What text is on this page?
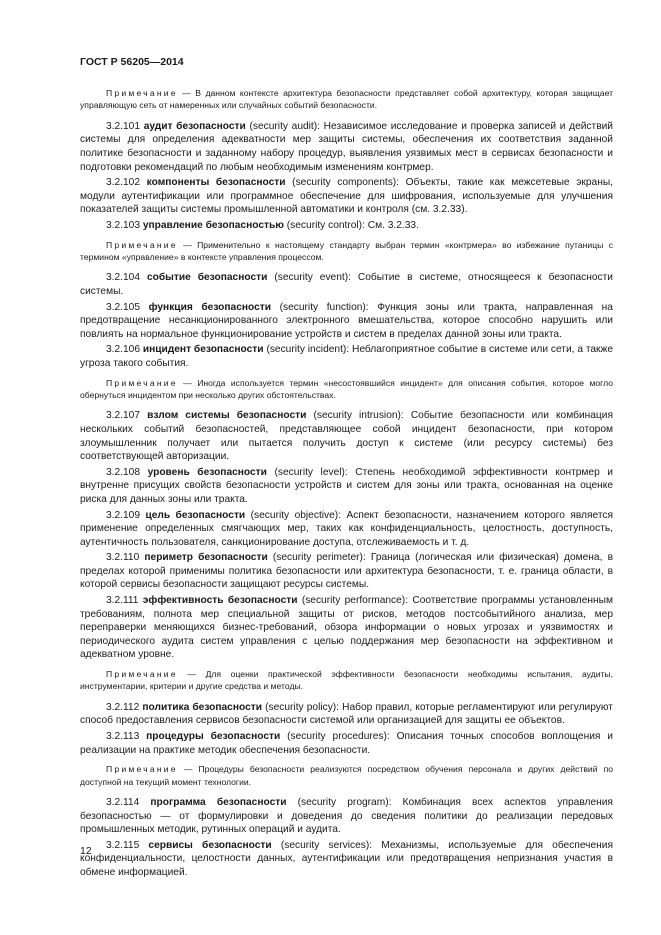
ГОСТ Р 56205—2014

Примечание — В данном контексте архитектура безопасности представляет собой архитектуру, которая защищает управляющую сеть от намеренных или случайных событий безопасности.

3.2.101 аудит безопасности (security audit): Независимое исследование и проверка записей и действий системы для определения адекватности мер защиты системы, обеспечения их соответствия заданной политике безопасности и заданному набору процедур, выявления уязвимых мест в сервисах безопасности и подготовки рекомендаций по любым необходимым изменениям контрмер.

3.2.102 компоненты безопасности (security components): Объекты, такие как межсетевые экраны, модули аутентификации или программное обеспечение для шифрования, используемые для улучшения показателей защиты системы промышленной автоматики и контроля (см. 3.2.33).

3.2.103 управление безопасностью (security control): См. 3.2.33.

Примечание — Применительно к настоящему стандарту выбран термин «контрмера» во избежание путаницы с термином «управление» в контексте управления процессом.

3.2.104 событие безопасности (security event): Событие в системе, относящееся к безопасности системы.

3.2.105 функция безопасности (security function): Функция зоны или тракта, направленная на предотвращение несанкционированного электронного вмешательства, которое способно нарушить или повлиять на нормальное функционирование устройств и систем в пределах данной зоны или тракта.

3.2.106 инцидент безопасности (security incident): Неблагоприятное событие в системе или сети, а также угроза такого события.

Примечание — Иногда используется термин «несостоявшийся инцидент» для описания события, которое могло обернуться инцидентом при несколько других обстоятельствах.

3.2.107 взлом системы безопасности (security intrusion): Событие безопасности или комбинация нескольких событий безопасностей, представляющее собой инцидент безопасности, при котором злоумышленник получает или пытается получить доступ к системе (или ресурсу системы) без соответствующей авторизации.

3.2.108 уровень безопасности (security level): Степень необходимой эффективности контрмер и внутренне присущих свойств безопасности устройств и систем для зоны или тракта, основанная на оценке риска для данных зоны или тракта.

3.2.109 цель безопасности (security objective): Аспект безопасности, назначением которого является применение определенных смягчающих мер, таких как конфиденциальность, целостность, доступность, аутентичность пользователя, санкционирование доступа, отслеживаемость и т. д.

3.2.110 периметр безопасности (security perimeter): Граница (логическая или физическая) домена, в пределах которой применимы политика безопасности или архитектура безопасности, т. е. граница области, в которой сервисы безопасности защищают ресурсы системы.

3.2.111 эффективность безопасности (security performance): Соответствие программы установленным требованиям, полнота мер специальной защиты от рисков, методов постсобытийного анализа, мер переправерки меняющихся бизнес-требований, обзора информации о новых угрозах и уязвимостях и периодического аудита систем управления с целью поддержания мер безопасности на эффективном и адекватном уровне.

Примечание — Для оценки практической эффективности безопасности необходимы испытания, аудиты, инструментарии, критерии и другие средства и методы.

3.2.112 политика безопасности (security policy): Набор правил, которые регламентируют или регулируют способ предоставления сервисов безопасности системой или организацией для защиты ее объектов.

3.2.113 процедуры безопасности (security procedures): Описания точных способов воплощения и реализации на практике методик обеспечения безопасности.

Примечание — Процедуры безопасности реализуются посредством обучения персонала и других действий по доступной на текущий момент технологии.

3.2.114 программа безопасности (security program): Комбинация всех аспектов управления безопасностью — от формулировки и доведения до сведения политики до реализации передовых промышленных методик, рутинных операций и аудита.

3.2.115 сервисы безопасности (security services): Механизмы, используемые для обеспечения конфиденциальности, целостности данных, аутентификации или предотвращения непризнания участия в обмене информацией.

12
